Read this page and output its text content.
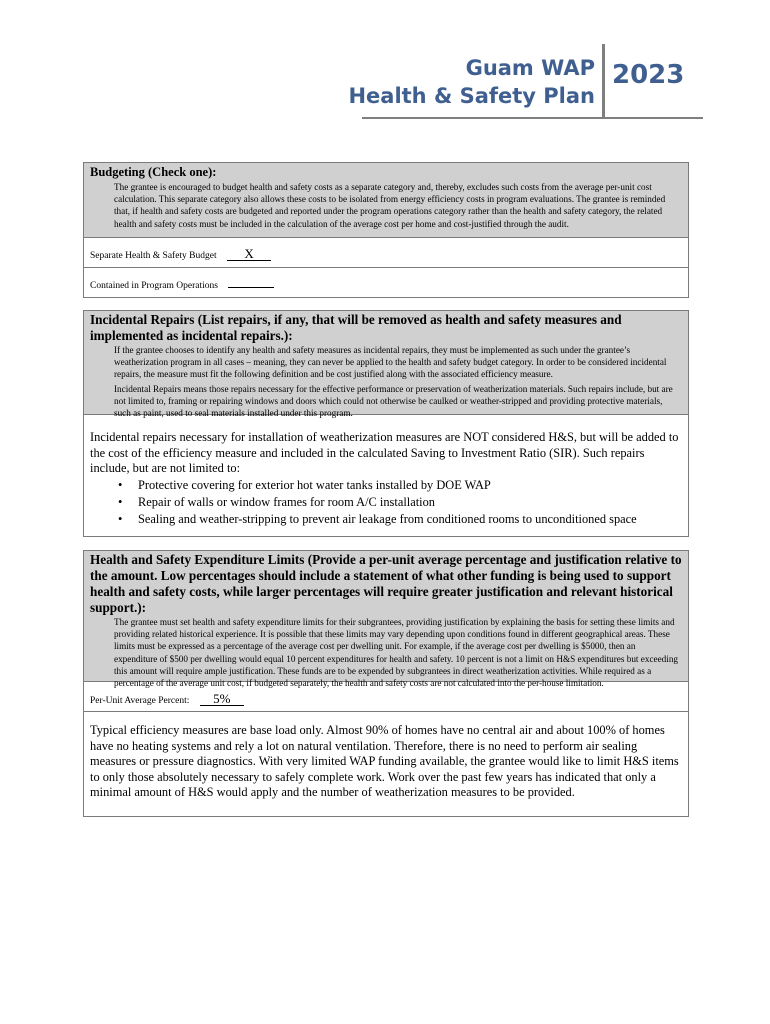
Guam WAP
Health & Safety Plan
2023
Budgeting (Check one):
The grantee is encouraged to budget health and safety costs as a separate category and, thereby, excludes such costs from the average per-unit cost calculation. This separate category also allows these costs to be isolated from energy efficiency costs in program evaluations. The grantee is reminded that, if health and safety costs are budgeted and reported under the program operations category rather than the health and safety category, the related health and safety costs must be included in the calculation of the average cost per home and cost-justified through the audit.
Separate Health & Safety Budget X
Contained in Program Operations
Incidental Repairs (List repairs, if any, that will be removed as health and safety measures and implemented as incidental repairs.):
If the grantee chooses to identify any health and safety measures as incidental repairs, they must be implemented as such under the grantee’s weatherization program in all cases – meaning, they can never be applied to the health and safety budget category. In order to be considered incidental repairs, the measure must fit the following definition and be cost justified along with the associated efficiency measure.
Incidental Repairs means those repairs necessary for the effective performance or preservation of weatherization materials. Such repairs include, but are not limited to, framing or repairing windows and doors which could not otherwise be caulked or weather-stripped and providing protective materials, such as paint, used to seal materials installed under this program.
Incidental repairs necessary for installation of weatherization measures are NOT considered H&S, but will be added to the cost of the efficiency measure and included in the calculated Saving to Investment Ratio (SIR). Such repairs include, but are not limited to:
• Protective covering for exterior hot water tanks installed by DOE WAP
• Repair of walls or window frames for room A/C installation
• Sealing and weather-stripping to prevent air leakage from conditioned rooms to unconditioned space
Health and Safety Expenditure Limits (Provide a per-unit average percentage and justification relative to the amount. Low percentages should include a statement of what other funding is being used to support health and safety costs, while larger percentages will require greater justification and relevant historical support.):
The grantee must set health and safety expenditure limits for their subgrantees, providing justification by explaining the basis for setting these limits and providing related historical experience. It is possible that these limits may vary depending upon conditions found in different geographical areas. These limits must be expressed as a percentage of the average cost per dwelling unit. For example, if the average cost per dwelling is $5000, then an expenditure of $500 per dwelling would equal 10 percent expenditures for health and safety. 10 percent is not a limit on H&S expenditures but exceeding this amount will require ample justification. These funds are to be expended by subgrantees in direct weatherization activities. While required as a percentage of the average unit cost, if budgeted separately, the health and safety costs are not calculated into the per-house limitation.
Per-Unit Average Percent: 5%
Typical efficiency measures are base load only. Almost 90% of homes have no central air and about 100% of homes have no heating systems and rely a lot on natural ventilation. Therefore, there is no need to perform air sealing measures or pressure diagnostics. With very limited WAP funding available, the grantee would like to limit H&S items to only those absolutely necessary to safely complete work. Work over the past few years has indicated that only a minimal amount of H&S would apply and the number of weatherization measures to be provided.
